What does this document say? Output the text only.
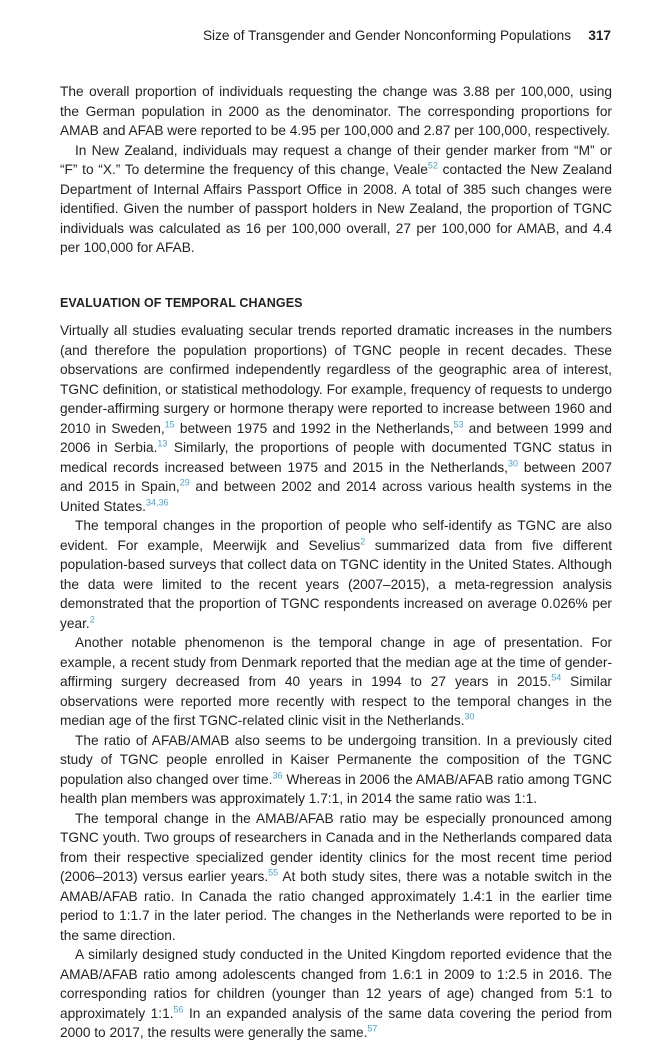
Size of Transgender and Gender Nonconforming Populations 317

The overall proportion of individuals requesting the change was 3.88 per 100,000, using the German population in 2000 as the denominator. The corresponding proportions for AMAB and AFAB were reported to be 4.95 per 100,000 and 2.87 per 100,000, respectively.

In New Zealand, individuals may request a change of their gender marker from “M” or “F” to “X.” To determine the frequency of this change, Veale$^{52}$ contacted the New Zealand Department of Internal Affairs Passport Office in 2008. A total of 385 such changes were identified. Given the number of passport holders in New Zealand, the proportion of TGNC individuals was calculated as 16 per 100,000 overall, 27 per 100,000 for AMAB, and 4.4 per 100,000 for AFAB.

EVALUATION OF TEMPORAL CHANGES

Virtually all studies evaluating secular trends reported dramatic increases in the numbers (and therefore the population proportions) of TGNC people in recent decades. These observations are confirmed independently regardless of the geographic area of interest, TGNC definition, or statistical methodology. For example, frequency of requests to undergo gender-affirming surgery or hormone therapy were reported to increase between 1960 and 2010 in Sweden,$^{15}$ between 1975 and 1992 in the Netherlands,$^{53}$ and between 1999 and 2006 in Serbia.$^{13}$ Similarly, the proportions of people with documented TGNC status in medical records increased between 1975 and 2015 in the Netherlands,$^{30}$ between 2007 and 2015 in Spain,$^{29}$ and between 2002 and 2014 across various health systems in the United States.$^{34,36}$

The temporal changes in the proportion of people who self-identify as TGNC are also evident. For example, Meerwijk and Sevelius$^2$ summarized data from five different population-based surveys that collect data on TGNC identity in the United States. Although the data were limited to the recent years (2007–2015), a meta-regression analysis demonstrated that the proportion of TGNC respondents increased on average 0.026% per year.$^2$

Another notable phenomenon is the temporal change in age of presentation. For example, a recent study from Denmark reported that the median age at the time of gender-affirming surgery decreased from 40 years in 1994 to 27 years in 2015.54 Similar observations were reported more recently with respect to the temporal changes in the median age of the first TGNC-related clinic visit in the Netherlands.$^{30}$

The ratio of AFAB/AMAB also seems to be undergoing transition. In a previously cited study of TGNC people enrolled in Kaiser Permanente the composition of the TGNC population also changed over time.$^{36}$ Whereas in 2006 the AMAB/AFAB ratio among TGNC health plan members was approximately 1.7:1, in 2014 the same ratio was 1:1.

The temporal change in the AMAB/AFAB ratio may be especially pronounced among TGNC youth. Two groups of researchers in Canada and in the Netherlands compared data from their respective specialized gender identity clinics for the most recent time period (2006–2013) versus earlier years.$^{55}$ At both study sites, there was a notable switch in the AMAB/AFAB ratio. In Canada the ratio changed approximately 1.4:1 in the earlier time period to 1:1.7 in the later period. The changes in the Netherlands were reported to be in the same direction.

A similarly designed study conducted in the United Kingdom reported evidence that the AMAB/AFAB ratio among adolescents changed from 1.6:1 in 2009 to 1:2.5 in 2016. The corresponding ratios for children (younger than 12 years of age) changed from 5:1 to approximately 1:1.56 In an expanded analysis of the same data covering the period from 2000 to 2017, the results were generally the same.$^{57}$
